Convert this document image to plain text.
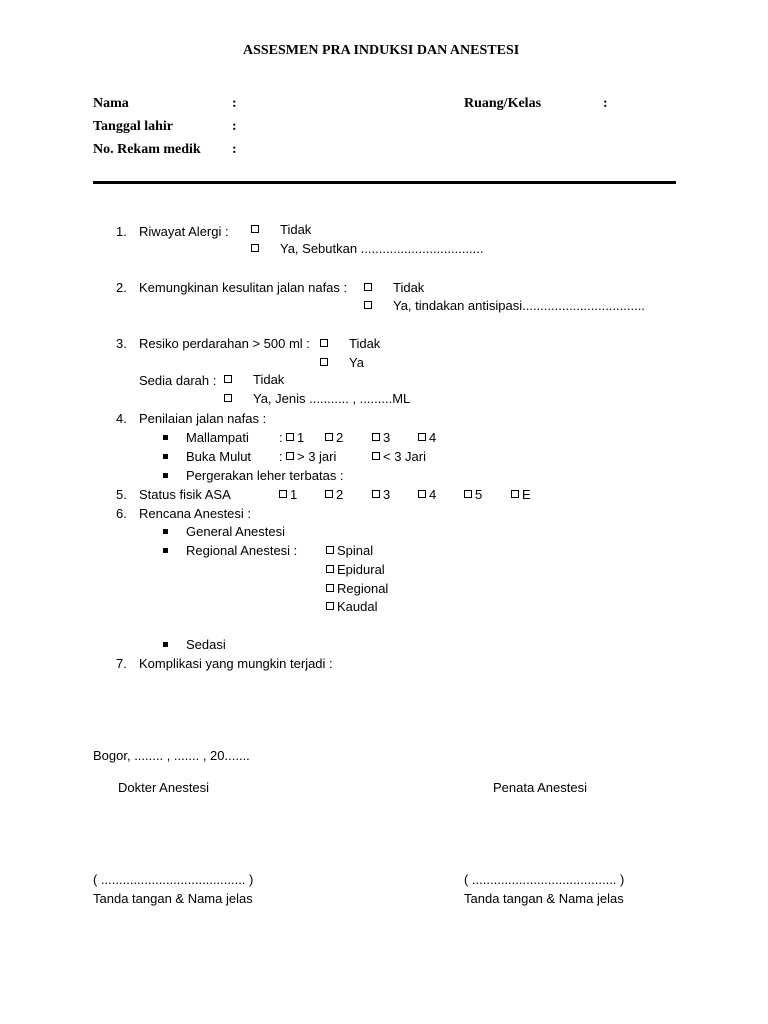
ASSESMEN PRA INDUKSI DAN ANESTESI
Nama	:	Ruang/Kelas	:
Tanggal lahir	:
No. Rekam medik :
1. Riwayat Alergi :	Tidak
Ya, Sebutkan ..................................
2. Kemungkinan kesulitan jalan nafas :	Tidak
Ya, tindakan antisipasi..................................
3. Resiko perdarahan > 500 ml :	Tidak
Ya
Sedia darah :	Tidak
Ya, Jenis ........... , .........ML
4. Penilaian jalan nafas :
Mallampati :	1	2	3	4
Buka Mulut :	> 3 jari	< 3 Jari
Pergerakan leher terbatas :
5. Status fisik ASA	1	2	3	4	5	E
6. Rencana Anestesi :
General Anestesi
Regional Anestesi :	Spinal
Epidural
Regional
Kaudal
Sedasi
7. Komplikasi yang mungkin terjadi :
Bogor, ........ , ....... , 20.......
Dokter Anestesi	Penata Anestesi
( ........................................ )	( ........................................ )
Tanda tangan & Nama jelas	Tanda tangan & Nama jelas
